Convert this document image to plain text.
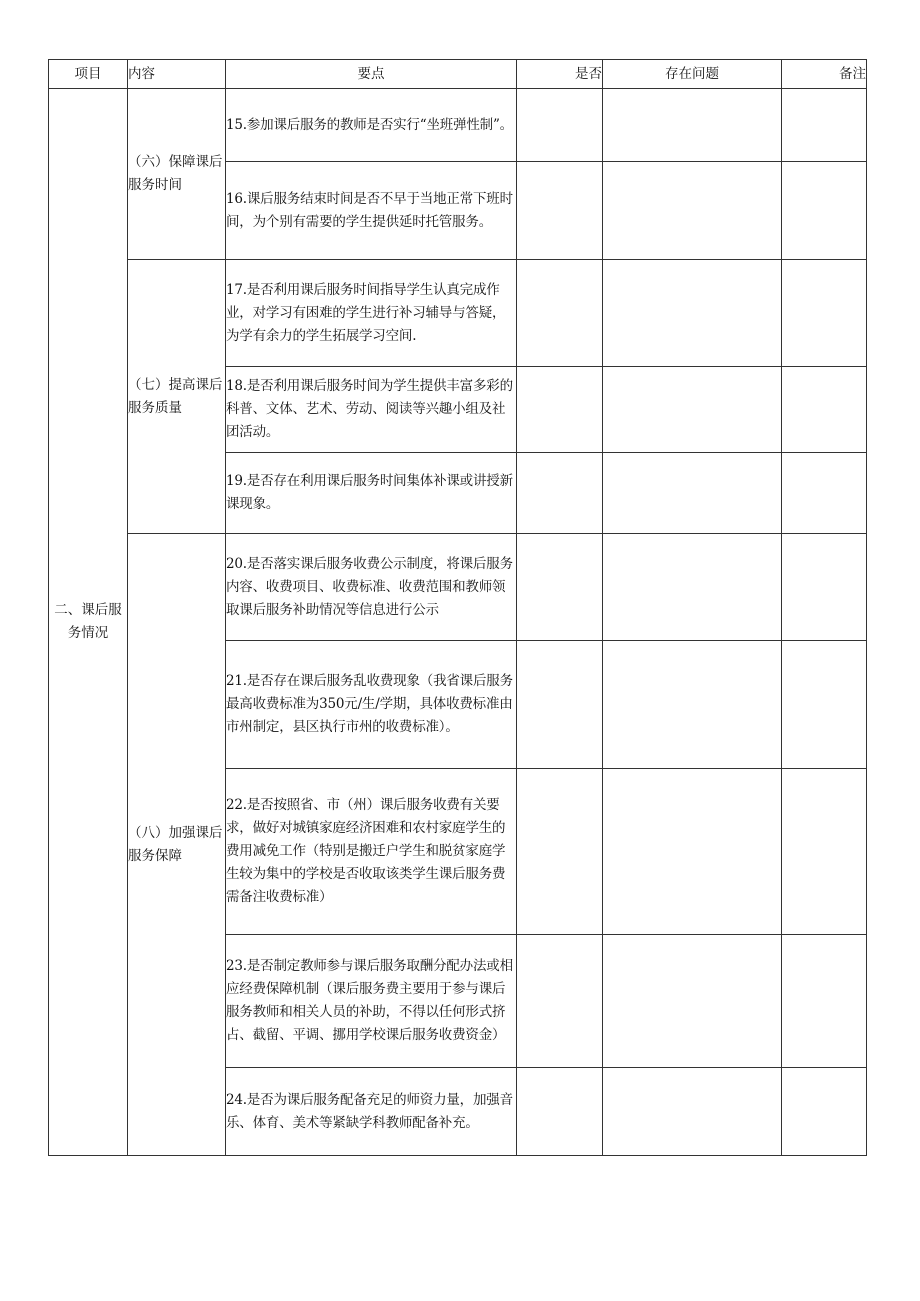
项目	内容	要点	是否	存在问题	备注
二、课后服务情况	（六）保障课后服务时间	15.参加课后服务的教师是否实行“坐班弹性制”。			
		16.课后服务结束时间是否不早于当地正常下班时间，为个别有需要的学生提供延时托管服务。			
	（七）提高课后服务质量	17.是否利用课后服务时间指导学生认真完成作业，对学习有困难的学生进行补习辅导与答疑，为学有余力的学生拓展学习空间.			
		18.是否利用课后服务时间为学生提供丰富多彩的科普、文体、艺术、劳动、阅读等兴趣小组及社团活动。			
		19.是否存在利用课后服务时间集体补课或讲授新课现象。			
	（八）加强课后服务保障	20.是否落实课后服务收费公示制度，将课后服务内容、收费项目、收费标准、收费范围和教师领取课后服务补助情况等信息进行公示			
		21.是否存在课后服务乱收费现象（我省课后服务最高收费标准为350元/生/学期，具体收费标准由市州制定，县区执行市州的收费标准）。			
		22.是否按照省、市（州）课后服务收费有关要求，做好对城镇家庭经济困难和农村家庭学生的费用减免工作（特别是搬迁户学生和脱贫家庭学生较为集中的学校是否收取该类学生课后服务费需备注收费标准）			
		23.是否制定教师参与课后服务取酬分配办法或相应经费保障机制（课后服务费主要用于参与课后服务教师和相关人员的补助，不得以任何形式挤占、截留、平调、挪用学校课后服务收费资金）			
		24.是否为课后服务配备充足的师资力量，加强音乐、体育、美术等紧缺学科教师配备补充。			
